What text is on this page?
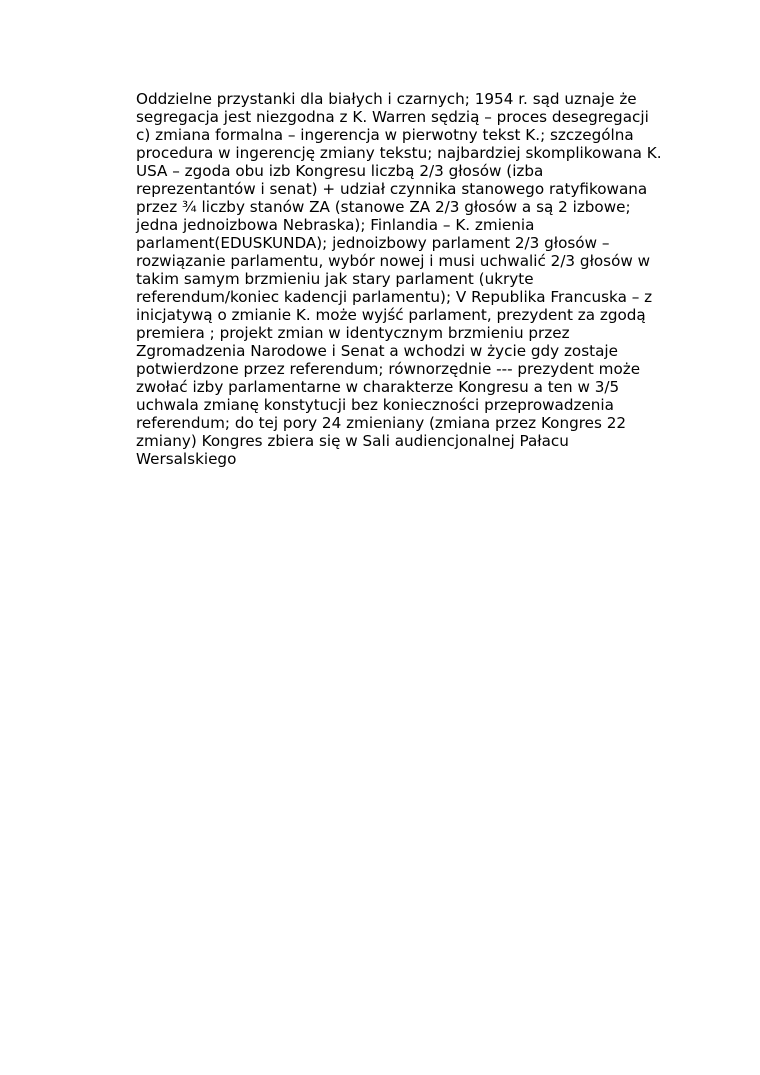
Oddzielne przystanki dla białych i czarnych; 1954 r. sąd uznaje że
segregacja jest niezgodna z K. Warren sędzią – proces desegregacji
c) zmiana formalna – ingerencja w pierwotny tekst K.; szczególna
procedura w ingerencję zmiany tekstu; najbardziej skomplikowana K.
USA – zgoda obu izb Kongresu liczbą 2/3 głosów (izba
reprezentantów i senat) + udział czynnika stanowego ratyfikowana
przez ¾ liczby stanów ZA (stanowe ZA 2/3 głosów a są 2 izbowe;
jedna jednoizbowa Nebraska); Finlandia – K. zmienia
parlament(EDUSKUNDA); jednoizbowy parlament 2/3 głosów –
rozwiązanie parlamentu, wybór nowej i musi uchwalić 2/3 głosów w
takim samym brzmieniu jak stary parlament (ukryte
referendum/koniec kadencji parlamentu); V Republika Francuska – z
inicjatywą o zmianie K. może wyjść parlament, prezydent za zgodą
premiera ; projekt zmian w identycznym brzmieniu przez
Zgromadzenia Narodowe i Senat a wchodzi w życie gdy zostaje
potwierdzone przez referendum; równorzędnie --- prezydent może
zwołać izby parlamentarne w charakterze Kongresu a ten w 3/5
uchwala zmianę konstytucji bez konieczności przeprowadzenia
referendum; do tej pory 24 zmieniany (zmiana przez Kongres 22
zmiany) Kongres zbiera się w Sali audiencjonalnej Pałacu
Wersalskiego
